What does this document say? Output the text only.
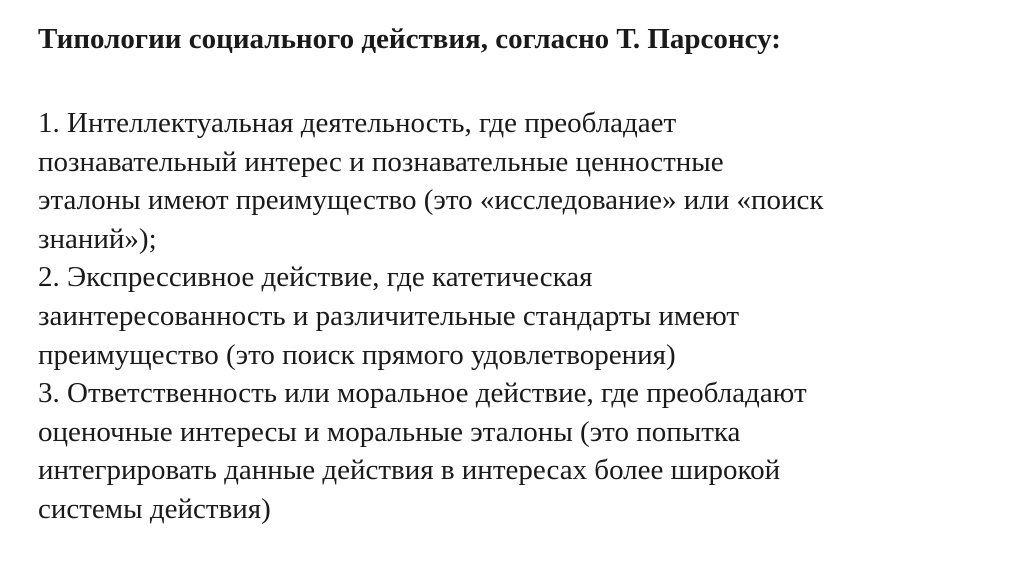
Типологии социального действия, согласно Т. Парсонсу:
1. Интеллектуальная деятельность, где преобладает
познавательный интерес и познавательные ценностные
эталоны имеют преимущество (это «исследование» или «поиск
знаний»);
2. Экспрессивное действие, где катетическая
заинтересованность и различительные стандарты имеют
преимущество (это поиск прямого удовлетворения)
3. Ответственность или моральное действие, где преобладают
оценочные интересы и моральные эталоны (это попытка
интегрировать данные действия в интересах более широкой
системы действия)
